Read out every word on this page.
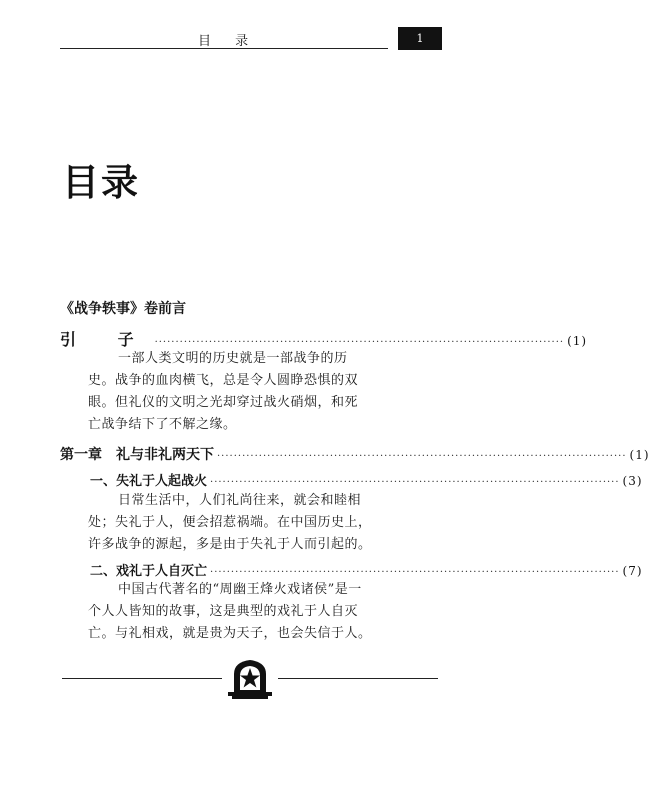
目 录	1
目录
《战争轶事》卷前言
引 子 ·································································································· (1)
一部人类文明的历史就是一部战争的历
史。战争的血肉横飞，总是令人圆睁恐惧的双
眼。但礼仪的文明之光却穿过战火硝烟，和死
亡战争结下了不解之缘。
第一章　礼与非礼两天下 ·································································································· (1)
一、失礼于人起战火 ·································································································· (3)
日常生活中，人们礼尚往来，就会和睦相
处；失礼于人，便会招惹祸端。在中国历史上，
许多战争的源起，多是由于失礼于人而引起的。
二、戏礼于人自灭亡 ·································································································· (7)
中国古代著名的“周幽王烽火戏诸侯”是一
个人人皆知的故事，这是典型的戏礼于人自灭
亡。与礼相戏，就是贵为天子，也会失信于人。
